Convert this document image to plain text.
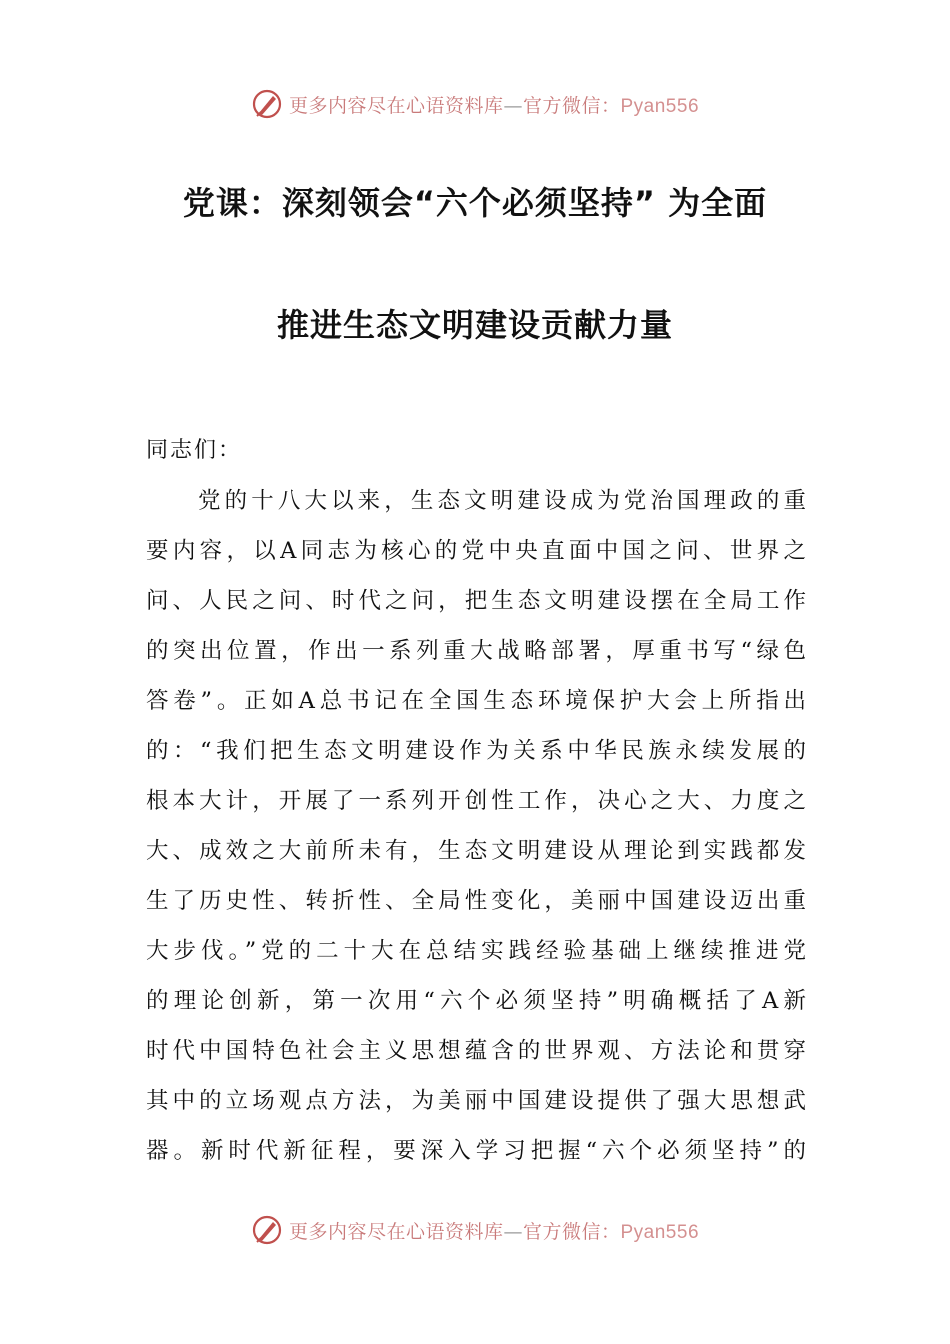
更多内容尽在心语资料库—官方微信：Pyan556
党课：深刻领会“六个必须坚持” 为全面
推进生态文明建设贡献力量

同志们：

党的十八大以来，生态文明建设成为党治国理政的重
要内容，以A同志为核心的党中央直面中国之问、世界之
问、人民之问、时代之问，把生态文明建设摆在全局工作
的突出位置，作出一系列重大战略部署，厚重书写“绿色
答卷”。正如A总书记在全国生态环境保护大会上所指出
的：“我们把生态文明建设作为关系中华民族永续发展的
根本大计，开展了一系列开创性工作，决心之大、力度之
大、成效之大前所未有，生态文明建设从理论到实践都发
生了历史性、转折性、全局性变化，美丽中国建设迈出重
大步伐。”党的二十大在总结实践经验基础上继续推进党
的理论创新，第一次用“六个必须坚持”明确概括了A新
时代中国特色社会主义思想蕴含的世界观、方法论和贯穿
其中的立场观点方法，为美丽中国建设提供了强大思想武
器。新时代新征程，要深入学习把握“六个必须坚持”的
更多内容尽在心语资料库—官方微信：Pyan556
